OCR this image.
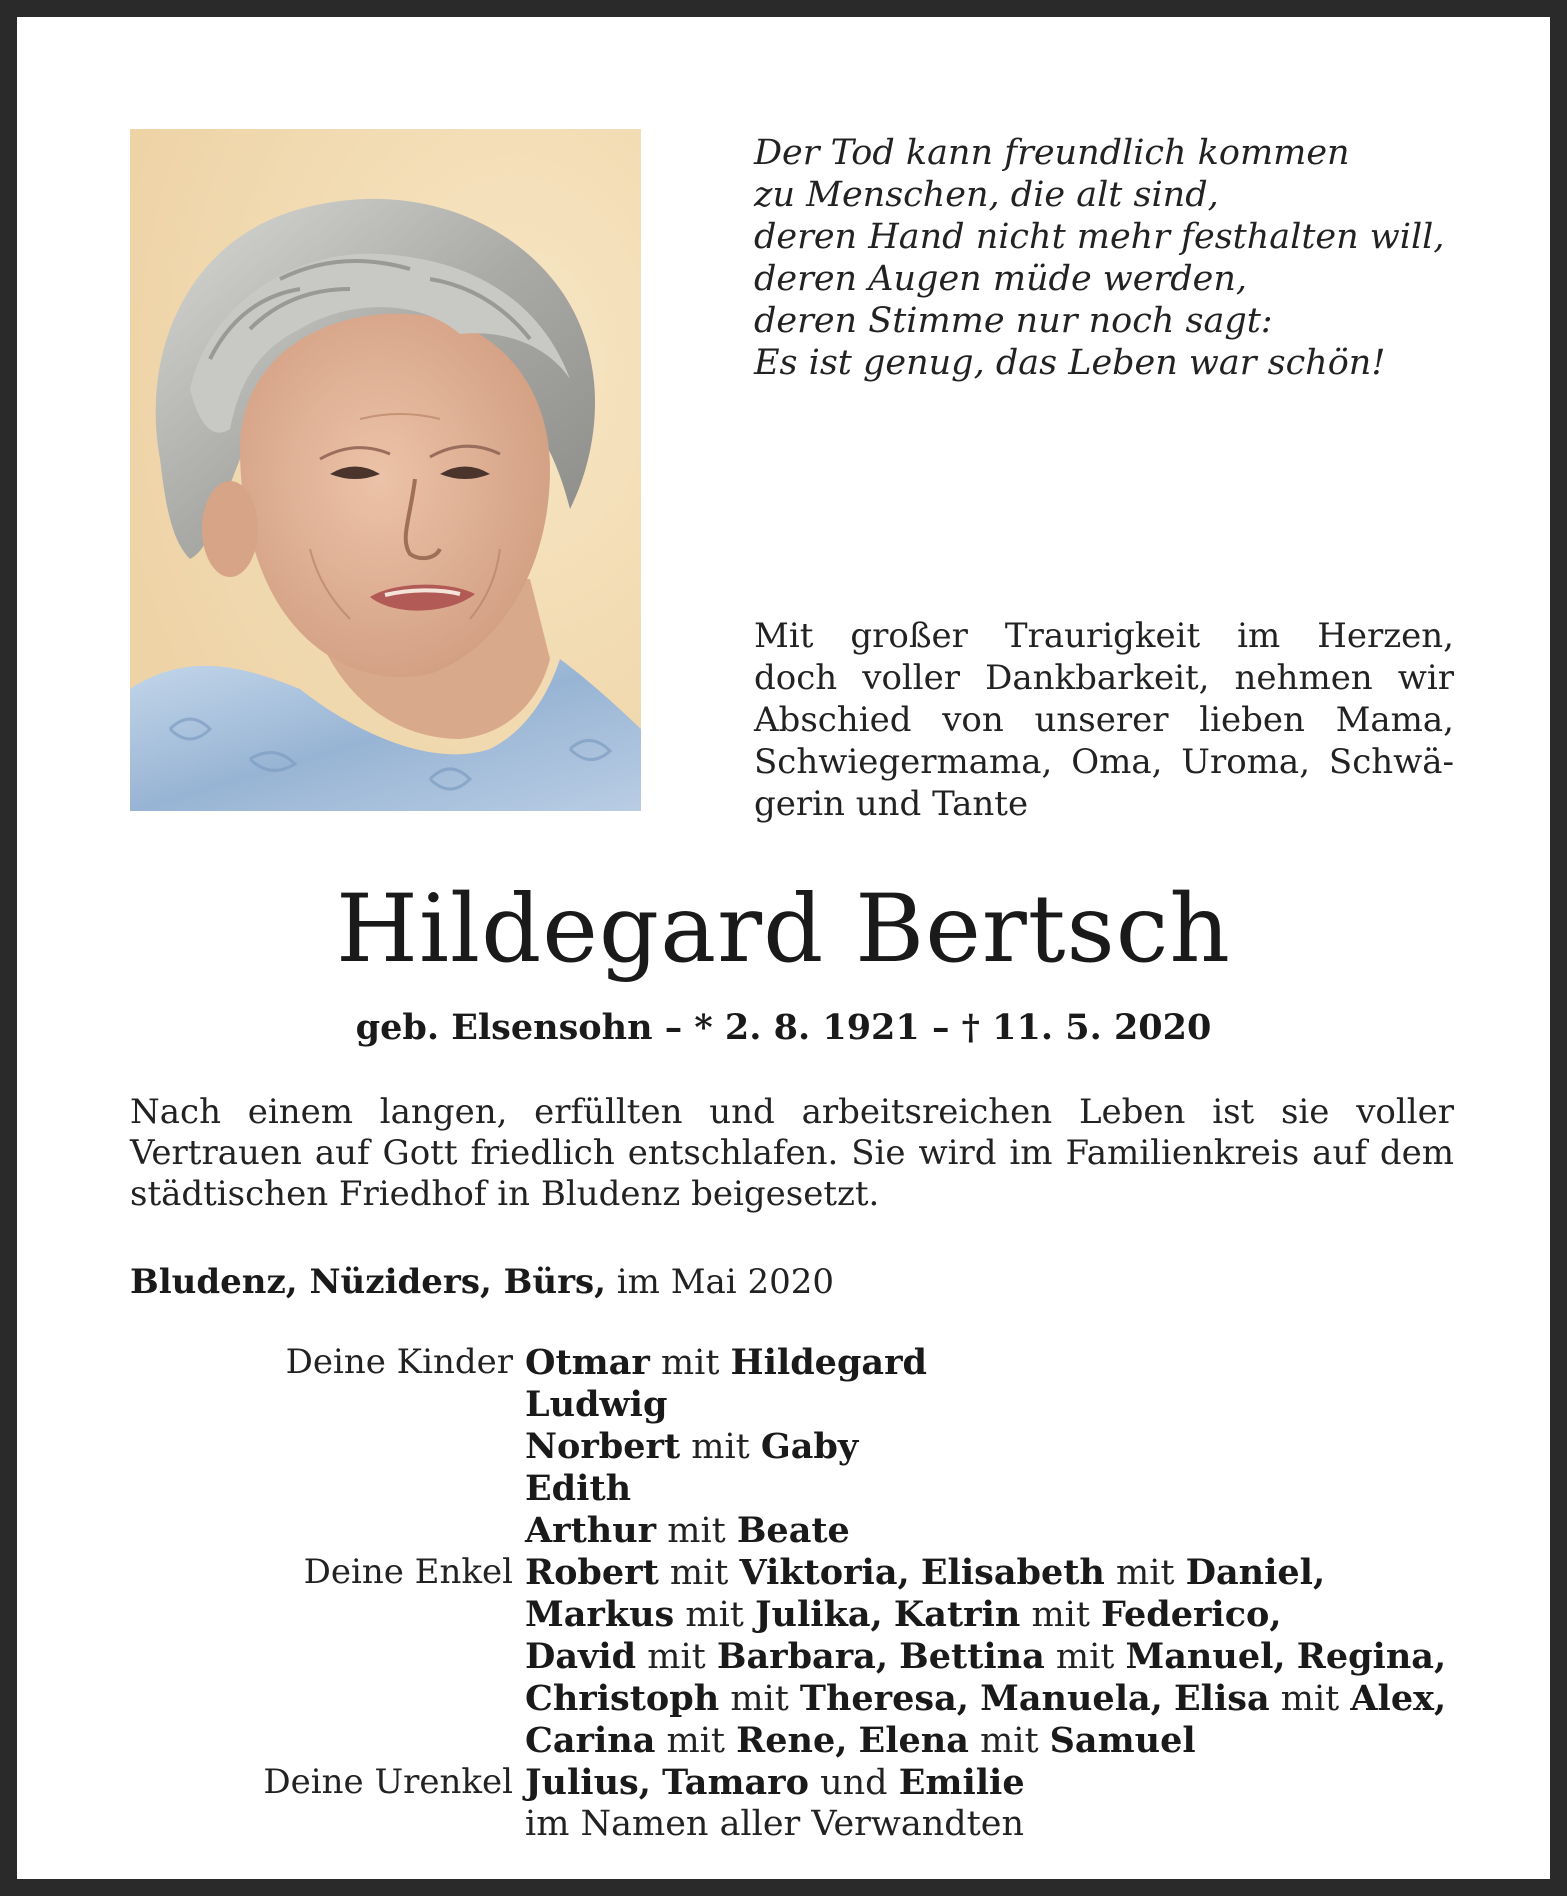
Der Tod kann freundlich kommen
zu Menschen, die alt sind,
deren Hand nicht mehr festhalten will,
deren Augen müde werden,
deren Stimme nur noch sagt:
Es ist genug, das Leben war schön!
Mit großer Traurigkeit im Herzen,
doch voller Dankbarkeit, nehmen wir
Abschied von unserer lieben Mama,
Schwiegermama, Oma, Uroma, Schwä-
gerin und Tante
Hildegard Bertsch
geb. Elsensohn – * 2. 8. 1921 – † 11. 5. 2020
Nach einem langen, erfüllten und arbeitsreichen Leben ist sie voller
Vertrauen auf Gott friedlich entschlafen. Sie wird im Familienkreis auf dem
städtischen Friedhof in Bludenz beigesetzt.
Bludenz, Nüziders, Bürs, im Mai 2020
Deine Kinder Otmar mit Hildegard
Ludwig
Norbert mit Gaby
Edith
Arthur mit Beate
Deine Enkel Robert mit Viktoria, Elisabeth mit Daniel,
Markus mit Julika, Katrin mit Federico,
David mit Barbara, Bettina mit Manuel, Regina,
Christoph mit Theresa, Manuela, Elisa mit Alex,
Carina mit Rene, Elena mit Samuel
Deine Urenkel Julius, Tamaro und Emilie
im Namen aller Verwandten
